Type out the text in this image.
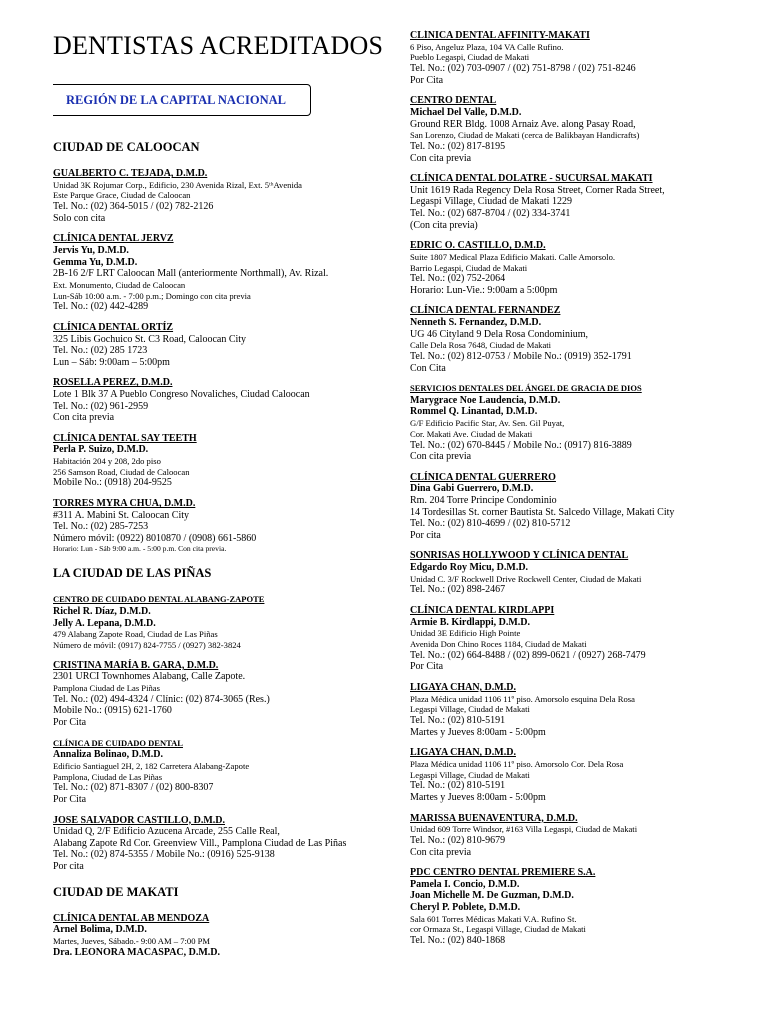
DENTISTAS ACREDITADOS
REGIÓN DE LA CAPITAL NACIONAL
CIUDAD DE CALOOCAN
GUALBERTO C. TEJADA, D.M.D.
Unidad 3K Rojumar Corp., Edificio, 230 Avenida Rizal, Ext. 5ᵗʰAvenida
Este Parque Grace, Ciudad de Caloocan
Tel. No.: (02) 364-5015 / (02) 782-2126
Solo con cita
CLÍNICA DENTAL JERVZ
Jervis Yu, D.M.D.
Gemma Yu, D.M.D.
2B-16 2/F LRT Caloocan Mall (anteriormente Northmall), Av. Rizal.
Ext. Monumento, Ciudad de Caloocan
Lun-Sáb 10:00 a.m. - 7:00 p.m.; Domingo con cita previa
Tel. No.: (02) 442-4289
CLÍNICA DENTAL ORTÍZ
325 Libis Gochuico St. C3 Road, Caloocan City
Tel. No.: (02) 285 1723
Lun – Sáb: 9:00am – 5:00pm
ROSELLA PEREZ, D.M.D.
Lote 1 Blk 37 A Pueblo Congreso Novaliches, Ciudad Caloocan
Tel. No.: (02) 961-2959
Con cita previa
CLÍNICA DENTAL SAY TEETH
Perla P. Suizo, D.M.D.
Habitación 204 y 208, 2do piso
256 Samson Road, Ciudad de Caloocan
Mobile No.: (0918) 204-9525
TORRES MYRA CHUA, D.M.D.
#311 A. Mabini St. Caloocan City
Tel. No.: (02) 285-7253
Número móvil: (0922) 8010870 / (0908) 661-5860
Horario: Lun - Sáb 9:00 a.m. - 5:00 p.m. Con cita previa.
LA CIUDAD DE LAS PIÑAS
CENTRO DE CUIDADO DENTAL ALABANG-ZAPOTE
Richel R. Díaz, D.M.D.
Jelly A. Lepana, D.M.D.
479 Alabang Zapote Road, Ciudad de Las Piñas
Número de móvil: (0917) 824-7755 / (0927) 382-3824
CRISTINA MARÍA B. GARA, D.M.D.
2301 URCI Townhomes Alabang, Calle Zapote.
Pamplona Ciudad de Las Piñas
Tel. No.: (02) 494-4324 / Clínic: (02) 874-3065 (Res.)
Mobile No.: (0915) 621-1760
Por Cita
CLÍNICA DE CUIDADO DENTAL
Annaliza Bolinao, D.M.D.
Edificio Santiaguel 2H, 2, 182 Carretera Alabang-Zapote
Pamplona, Ciudad de Las Piñas
Tel. No.: (02) 871-8307 / (02) 800-8307
Por Cita
JOSE SALVADOR CASTILLO, D.M.D.
Unidad Q, 2/F Edificio Azucena Arcade, 255 Calle Real,
Alabang Zapote Rd Cor. Greenview Vill., Pamplona Ciudad de Las Piñas
Tel. No.: (02) 874-5355 / Mobile No.: (0916) 525-9138
Por cita
CIUDAD DE MAKATI
CLÍNICA DENTAL AB MENDOZA
Arnel Bolima, D.M.D.
Martes, Jueves, Sábado.- 9:00 AM – 7:00 PM
Dra. LEONORA MACASPAC, D.M.D.
CLÍNICA DENTAL AFFINITY-MAKATI
6 Piso, Angeluz Plaza, 104 VA Calle Rufino.
Pueblo Legaspi, Ciudad de Makati
Tel. No.: (02) 703-0907 / (02) 751-8798 / (02) 751-8246
Por Cita
CENTRO DENTAL
Michael Del Valle, D.M.D.
Ground RER Bldg. 1008 Arnaiz Ave. along Pasay Road,
San Lorenzo, Ciudad de Makati (cerca de Balikbayan Handicrafts)
Tel. No.: (02) 817-8195
Con cita previa
CLÍNICA DENTAL DOLATRE - SUCURSAL MAKATI
Unit 1619 Rada Regency Dela Rosa Street, Corner Rada Street,
Legaspi Village, Ciudad de Makati 1229
Tel. No.: (02) 687-8704 / (02) 334-3741
(Con cita previa)
EDRIC O. CASTILLO, D.M.D.
Suite 1807 Medical Plaza Edificio Makati. Calle Amorsolo.
Barrio Legaspi, Ciudad de Makati
Tel. No.: (02) 752-2064
Horario: Lun-Vie.: 9:00am a 5:00pm
CLÍNICA DENTAL FERNANDEZ
Nenneth S. Fernandez, D.M.D.
UG 46 Cityland 9 Dela Rosa Condominium,
Calle Dela Rosa 7648, Ciudad de Makati
Tel. No.: (02) 812-0753 / Mobile No.: (0919) 352-1791
Con Cita
SERVICIOS DENTALES DEL ÁNGEL DE GRACIA DE DIOS
Marygrace Noe Laudencia, D.M.D.
Rommel Q. Linantad, D.M.D.
G/F Edificio Pacific Star, Av. Sen. Gil Puyat,
Cor. Makati Ave. Ciudad de Makati
Tel. No.: (02) 670-8445 / Mobile No.: (0917) 816-3889
Con cita previa
CLÍNICA DENTAL GUERRERO
Dina Gabi Guerrero, D.M.D.
Rm. 204 Torre Principe Condominio
14 Tordesillas St. corner Bautista St. Salcedo Village, Makati City
Tel. No.: (02) 810-4699 / (02) 810-5712
Por cita
SONRISAS HOLLYWOOD Y CLÍNICA DENTAL
Edgardo Roy Micu, D.M.D.
Unidad C. 3/F Rockwell Drive Rockwell Center, Ciudad de Makati
Tel. No.: (02) 898-2467
CLÍNICA DENTAL KIRDLAPPI
Armie B. Kirdlappi, D.M.D.
Unidad 3E Edificio High Pointe
Avenida Don Chino Roces 1184, Ciudad de Makati
Tel. No.: (02) 664-8488 / (02) 899-0621 / (0927) 268-7479
Por Cita
LIGAYA CHAN, D.M.D.
Plaza Médica unidad 1106 11º piso. Amorsolo esquina Dela Rosa
Legaspi Village, Ciudad de Makati
Tel. No.: (02) 810-5191
Martes y Jueves 8:00am - 5:00pm
LIGAYA CHAN, D.M.D.
Plaza Médica unidad 1106 11º piso. Amorsolo Cor. Dela Rosa
Legaspi Village, Ciudad de Makati
Tel. No.: (02) 810-5191
Martes y Jueves 8:00am - 5:00pm
MARISSA BUENAVENTURA, D.M.D.
Unidad 609 Torre Windsor, #163 Villa Legaspi, Ciudad de Makati
Tel. No.: (02) 810-9679
Con cita previa
PDC CENTRO DENTAL PREMIERE S.A.
Pamela I. Concio, D.M.D.
Joan Michelle M. De Guzman, D.M.D.
Cheryl P. Poblete, D.M.D.
Sala 601 Torres Médicas Makati V.A. Rufino St.
cor Ormaza St., Legaspi Village, Ciudad de Makati
Tel. No.: (02) 840-1868
